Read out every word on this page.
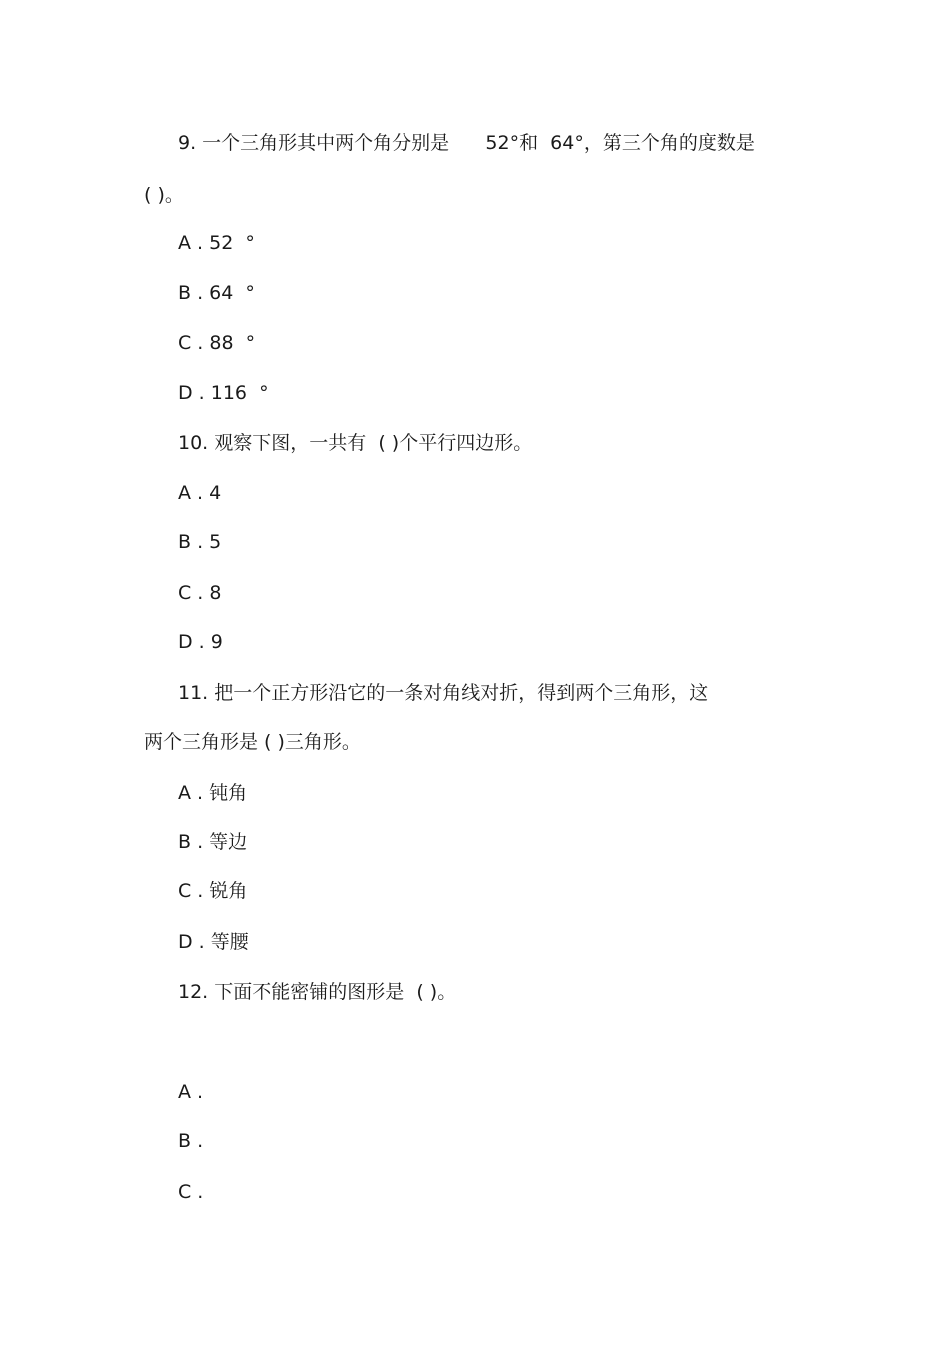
9. 一个三角形其中两个角分别是      52°和  64°，第三个角的度数是
( )。
A . 52  °
B . 64  °
C . 88  °
D . 116  °
10. 观察下图，一共有  ( )个平行四边形。
A . 4
B . 5
C . 8
D . 9
11. 把一个正方形沿它的一条对角线对折，得到两个三角形，这
两个三角形是 ( )三角形。
A . 钝角
B . 等边
C . 锐角
D . 等腰
12. 下面不能密铺的图形是  ( )。
A .
B .
C .
